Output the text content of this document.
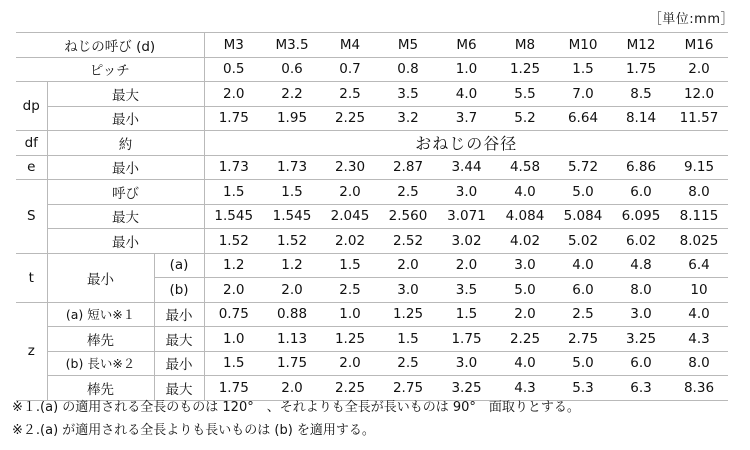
［単位:mm］
ねじの呼び (d)			M3	M3.5	M4	M5	M6	M8	M10	M12	M16
ピッチ			0.5	0.6	0.7	0.8	1.0	1.25	1.5	1.75	2.0
dp	最大		2.0	2.2	2.5	3.5	4.0	5.5	7.0	8.5	12.0
	最小		1.75	1.95	2.25	3.2	3.7	5.2	6.64	8.14	11.57
df	約		おねじの谷径								
e	最小		1.73	1.73	2.30	2.87	3.44	4.58	5.72	6.86	9.15
S	呼び		1.5	1.5	2.0	2.5	3.0	4.0	5.0	6.0	8.0
	最大		1.545	1.545	2.045	2.560	3.071	4.084	5.084	6.095	8.115
	最小		1.52	1.52	2.02	2.52	3.02	4.02	5.02	6.02	8.025
t	最小	(a)	1.2	1.2	1.5	2.0	2.0	3.0	4.0	4.8	6.4
		(b)	2.0	2.0	2.5	3.0	3.5	5.0	6.0	8.0	10
z	(a) 短い※１	最小	0.75	0.88	1.0	1.25	1.5	2.0	2.5	3.0	4.0
	棒先	最大	1.0	1.13	1.25	1.5	1.75	2.25	2.75	3.25	4.3
	(b) 長い※２	最小	1.5	1.75	2.0	2.5	3.0	4.0	5.0	6.0	8.0
	棒先	最大	1.75	2.0	2.25	2.75	3.25	4.3	5.3	6.3	8.36
※１.(a) の適用される全長のものは 120°　、それよりも全長が長いものは 90°　面取りとする。
※２.(a) が適用される全長よりも長いものは (b) を適用する。
